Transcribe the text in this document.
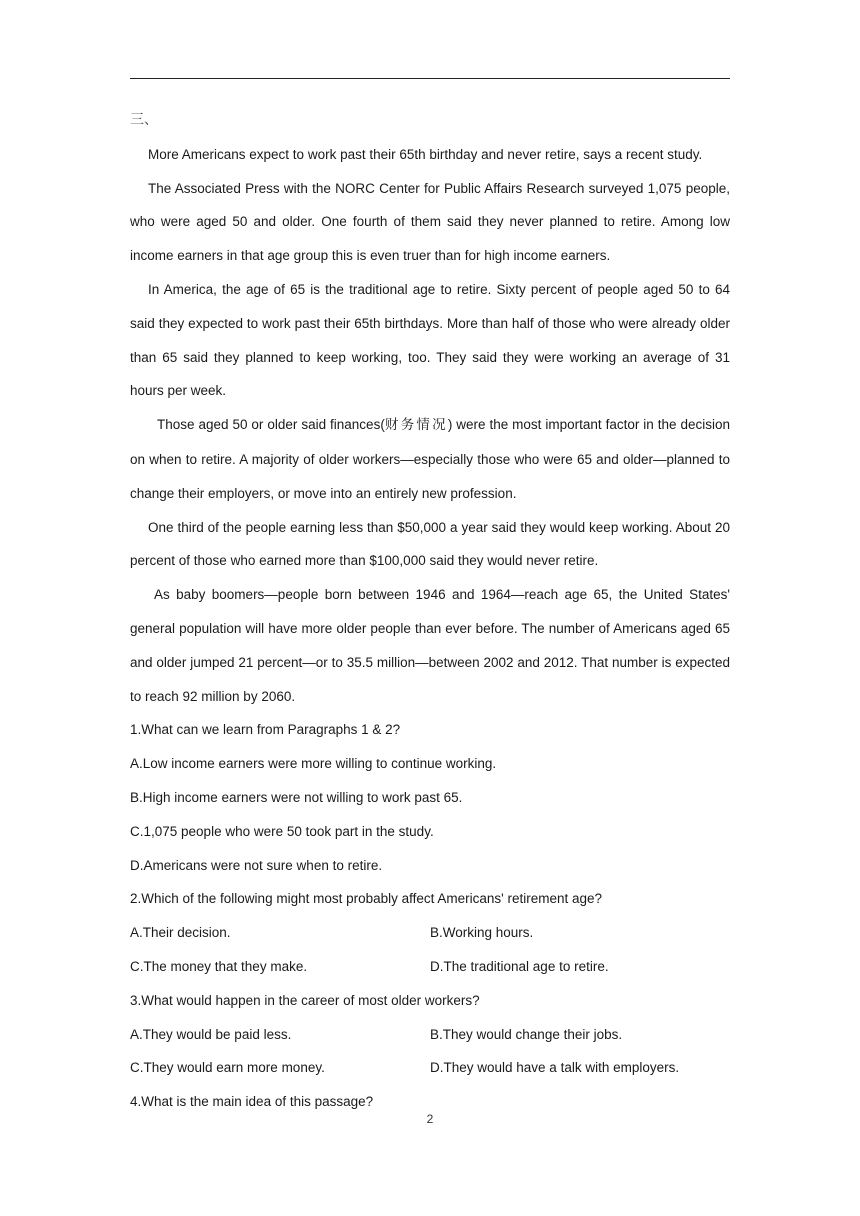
三、

More Americans expect to work past their 65th birthday and never retire, says a recent study.

The Associated Press with the NORC Center for Public Affairs Research surveyed 1,075 people, who were aged 50 and older. One fourth of them said they never planned to retire. Among low income earners in that age group this is even truer than for high income earners.

In America, the age of 65 is the traditional age to retire. Sixty percent of people aged 50 to 64 said they expected to work past their 65th birthdays. More than half of those who were already older than 65 said they planned to keep working, too. They said they were working an average of 31 hours per week.

Those aged 50 or older said finances(财务情况) were the most important factor in the decision on when to retire. A majority of older workers—especially those who were 65 and older—planned to change their employers, or move into an entirely new profession.

One third of the people earning less than $50,000 a year said they would keep working. About 20 percent of those who earned more than $100,000 said they would never retire.

As baby boomers—people born between 1946 and 1964—reach age 65, the United States' general population will have more older people than ever before. The number of Americans aged 65 and older jumped 21 percent—or to 35.5 million—between 2002 and 2012. That number is expected to reach 92 million by 2060.

1.What can we learn from Paragraphs 1 & 2?

A.Low income earners were more willing to continue working.

B.High income earners were not willing to work past 65.

C.1,075 people who were 50 took part in the study.

D.Americans were not sure when to retire.

2.Which of the following might most probably affect Americans' retirement age?

A.Their decision.	B.Working hours.
C.The money that they make.	D.The traditional age to retire.

3.What would happen in the career of most older workers?

A.They would be paid less.	B.They would change their jobs.
C.They would earn more money.	D.They would have a talk with employers.

4.What is the main idea of this passage?

2
